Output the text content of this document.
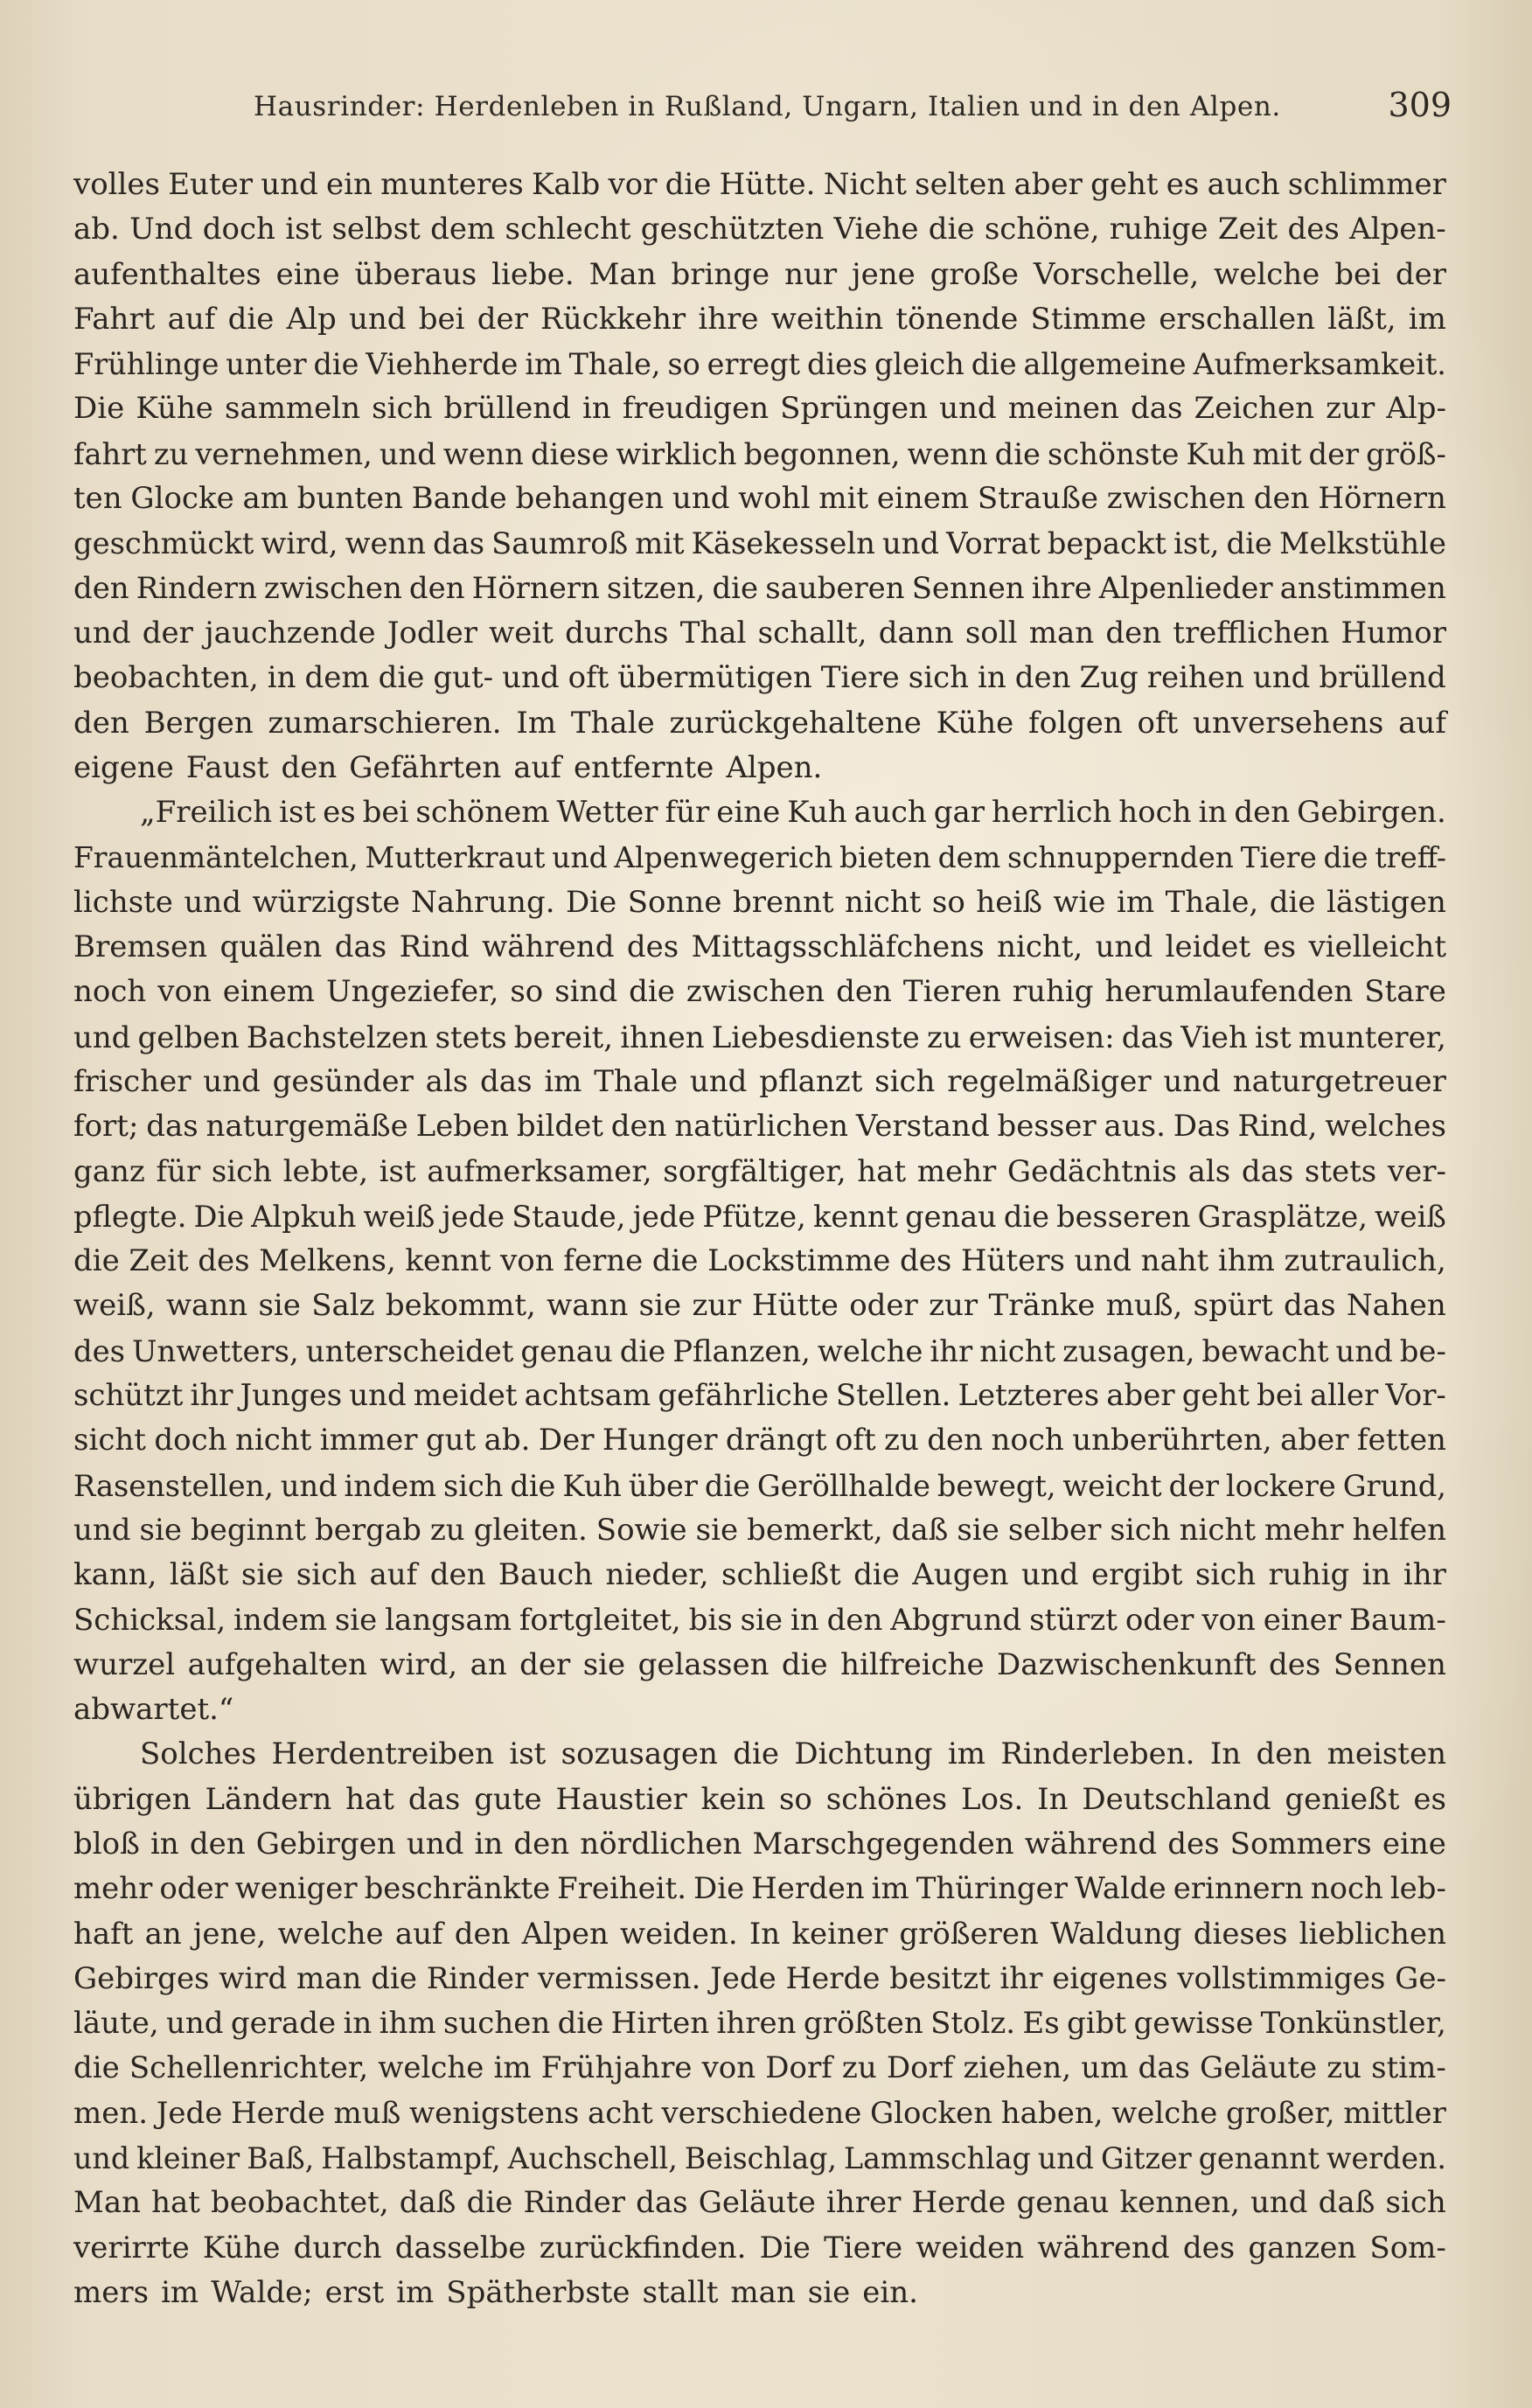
Hausrinder: Herdenleben in Rußland, Ungarn, Italien und in den Alpen.	309
volles Euter und ein munteres Kalb vor die Hütte. Nicht selten aber geht es auch schlimmer
ab. Und doch ist selbst dem schlecht geschützten Viehe die schöne, ruhige Zeit des Alpen-
aufenthaltes eine überaus liebe. Man bringe nur jene große Vorschelle, welche bei der
Fahrt auf die Alp und bei der Rückkehr ihre weithin tönende Stimme erschallen läßt, im
Frühlinge unter die Viehherde im Thale, so erregt dies gleich die allgemeine Aufmerksamkeit.
Die Kühe sammeln sich brüllend in freudigen Sprüngen und meinen das Zeichen zur Alp-
fahrt zu vernehmen, und wenn diese wirklich begonnen, wenn die schönste Kuh mit der größ-
ten Glocke am bunten Bande behangen und wohl mit einem Strauße zwischen den Hörnern
geschmückt wird, wenn das Saumroß mit Käsekesseln und Vorrat bepackt ist, die Melkstühle
den Rindern zwischen den Hörnern sitzen, die sauberen Sennen ihre Alpenlieder anstimmen
und der jauchzende Jodler weit durchs Thal schallt, dann soll man den trefflichen Humor
beobachten, in dem die gut- und oft übermütigen Tiere sich in den Zug reihen und brüllend
den Bergen zumarschieren. Im Thale zurückgehaltene Kühe folgen oft unversehens auf
eigene Faust den Gefährten auf entfernte Alpen.
„Freilich ist es bei schönem Wetter für eine Kuh auch gar herrlich hoch in den Gebirgen.
Frauenmäntelchen, Mutterkraut und Alpenwegerich bieten dem schnuppernden Tiere die treff-
lichste und würzigste Nahrung. Die Sonne brennt nicht so heiß wie im Thale, die lästigen
Bremsen quälen das Rind während des Mittagsschläfchens nicht, und leidet es vielleicht
noch von einem Ungeziefer, so sind die zwischen den Tieren ruhig herumlaufenden Stare
und gelben Bachstelzen stets bereit, ihnen Liebesdienste zu erweisen: das Vieh ist munterer,
frischer und gesünder als das im Thale und pflanzt sich regelmäßiger und naturgetreuer
fort; das naturgemäße Leben bildet den natürlichen Verstand besser aus. Das Rind, welches
ganz für sich lebte, ist aufmerksamer, sorgfältiger, hat mehr Gedächtnis als das stets ver-
pflegte. Die Alpkuh weiß jede Staude, jede Pfütze, kennt genau die besseren Grasplätze, weiß
die Zeit des Melkens, kennt von ferne die Lockstimme des Hüters und naht ihm zutraulich,
weiß, wann sie Salz bekommt, wann sie zur Hütte oder zur Tränke muß, spürt das Nahen
des Unwetters, unterscheidet genau die Pflanzen, welche ihr nicht zusagen, bewacht und be-
schützt ihr Junges und meidet achtsam gefährliche Stellen. Letzteres aber geht bei aller Vor-
sicht doch nicht immer gut ab. Der Hunger drängt oft zu den noch unberührten, aber fetten
Rasenstellen, und indem sich die Kuh über die Geröllhalde bewegt, weicht der lockere Grund,
und sie beginnt bergab zu gleiten. Sowie sie bemerkt, daß sie selber sich nicht mehr helfen
kann, läßt sie sich auf den Bauch nieder, schließt die Augen und ergibt sich ruhig in ihr
Schicksal, indem sie langsam fortgleitet, bis sie in den Abgrund stürzt oder von einer Baum-
wurzel aufgehalten wird, an der sie gelassen die hilfreiche Dazwischenkunft des Sennen
abwartet.“
Solches Herdentreiben ist sozusagen die Dichtung im Rinderleben. In den meisten
übrigen Ländern hat das gute Haustier kein so schönes Los. In Deutschland genießt es
bloß in den Gebirgen und in den nördlichen Marschgegenden während des Sommers eine
mehr oder weniger beschränkte Freiheit. Die Herden im Thüringer Walde erinnern noch leb-
haft an jene, welche auf den Alpen weiden. In keiner größeren Waldung dieses lieblichen
Gebirges wird man die Rinder vermissen. Jede Herde besitzt ihr eigenes vollstimmiges Ge-
läute, und gerade in ihm suchen die Hirten ihren größten Stolz. Es gibt gewisse Tonkünstler,
die Schellenrichter, welche im Frühjahre von Dorf zu Dorf ziehen, um das Geläute zu stim-
men. Jede Herde muß wenigstens acht verschiedene Glocken haben, welche großer, mittler
und kleiner Baß, Halbstampf, Auchschell, Beischlag, Lammschlag und Gitzer genannt werden.
Man hat beobachtet, daß die Rinder das Geläute ihrer Herde genau kennen, und daß sich
verirrte Kühe durch dasselbe zurückfinden. Die Tiere weiden während des ganzen Som-
mers im Walde; erst im Spätherbste stallt man sie ein.
